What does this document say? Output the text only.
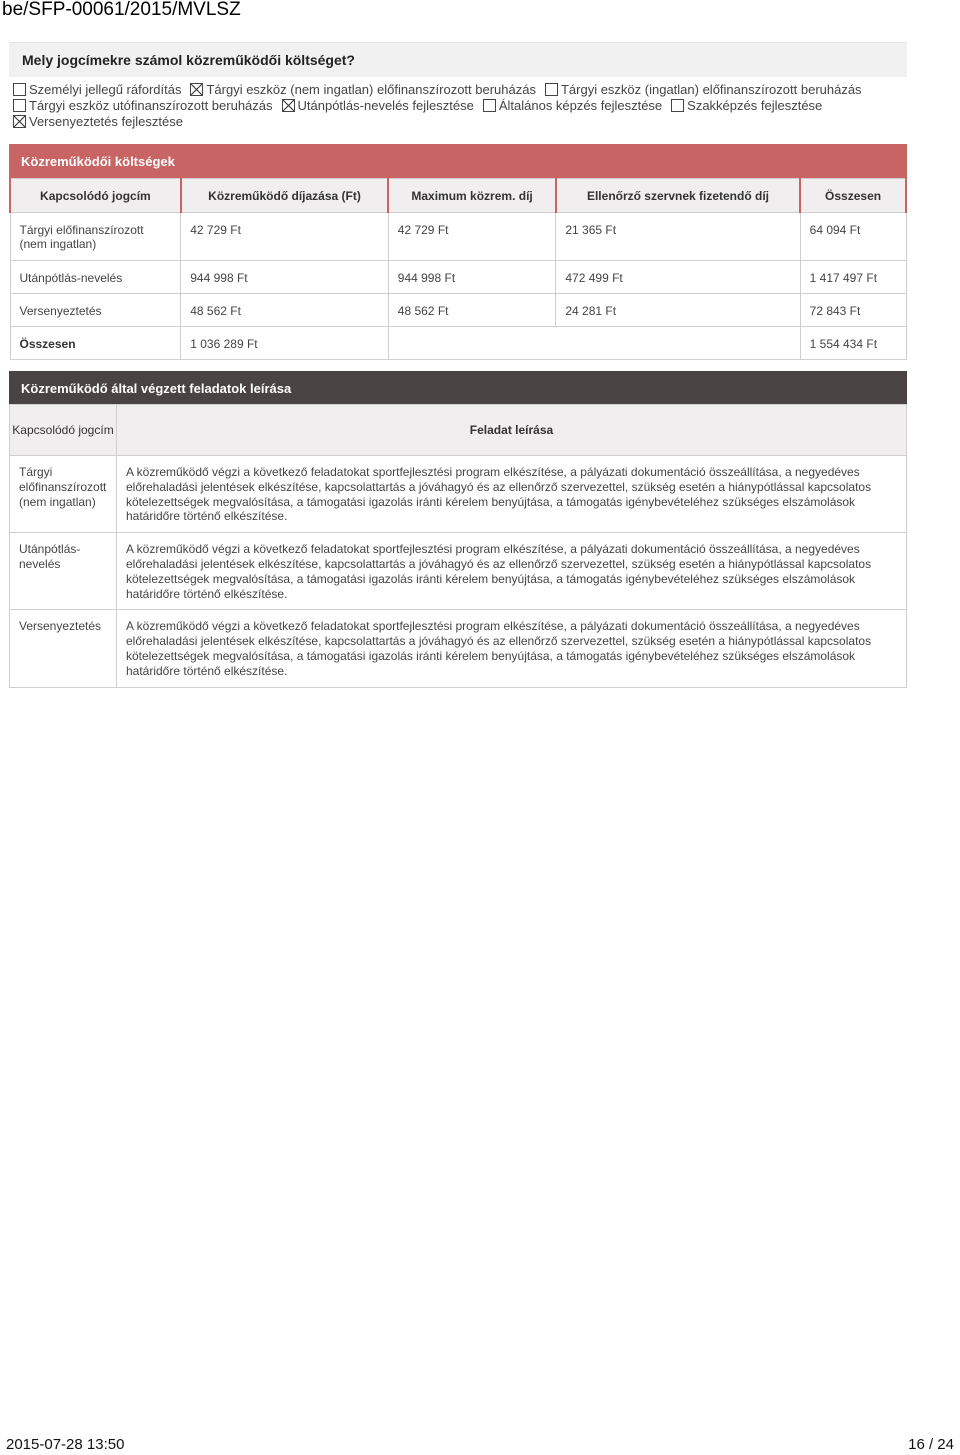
be/SFP-00061/2015/MVLSZ
Mely jogcímekre számol közreműködői költséget?
Személyi jellegű ráfordítás Tárgyi eszköz (nem ingatlan) előfinanszírozott beruházás Tárgyi eszköz (ingatlan) előfinanszírozott beruházás
Tárgyi eszköz utófinanszírozott beruházás Utánpótlás-nevelés fejlesztése Általános képzés fejlesztése Szakképzés fejlesztése
Versenyeztetés fejlesztése
Közreműködői költségek
Kapcsolódó jogcím	Közreműködő díjazása (Ft)	Maximum közrem. díj	Ellenőrző szervnek fizetendő díj	Összesen
Tárgyi előfinanszírozott (nem ingatlan)	42 729 Ft	42 729 Ft	21 365 Ft	64 094 Ft
Utánpótlás-nevelés	944 998 Ft	944 998 Ft	472 499 Ft	1 417 497 Ft
Versenyeztetés	48 562 Ft	48 562 Ft	24 281 Ft	72 843 Ft
Összesen	1 036 289 Ft			1 554 434 Ft
Közreműködő által végzett feladatok leírása
Kapcsolódó jogcím	Feladat leírása
Tárgyi előfinanszírozott (nem ingatlan)	A közreműködő végzi a következő feladatokat sportfejlesztési program elkészítése, a pályázati dokumentáció összeállítása, a negyedéves előrehaladási jelentések elkészítése, kapcsolattartás a jóváhagyó és az ellenőrző szervezettel, szükség esetén a hiánypótlással kapcsolatos kötelezettségek megvalósítása, a támogatási igazolás iránti kérelem benyújtása, a támogatás igénybevételéhez szükséges elszámolások határidőre történő elkészítése.
Utánpótlás-nevelés	A közreműködő végzi a következő feladatokat sportfejlesztési program elkészítése, a pályázati dokumentáció összeállítása, a negyedéves előrehaladási jelentések elkészítése, kapcsolattartás a jóváhagyó és az ellenőrző szervezettel, szükség esetén a hiánypótlással kapcsolatos kötelezettségek megvalósítása, a támogatási igazolás iránti kérelem benyújtása, a támogatás igénybevételéhez szükséges elszámolások határidőre történő elkészítése.
Versenyeztetés	A közreműködő végzi a következő feladatokat sportfejlesztési program elkészítése, a pályázati dokumentáció összeállítása, a negyedéves előrehaladási jelentések elkészítése, kapcsolattartás a jóváhagyó és az ellenőrző szervezettel, szükség esetén a hiánypótlással kapcsolatos kötelezettségek megvalósítása, a támogatási igazolás iránti kérelem benyújtása, a támogatás igénybevételéhez szükséges elszámolások határidőre történő elkészítése.
2015-07-28 13:50	16 / 24
